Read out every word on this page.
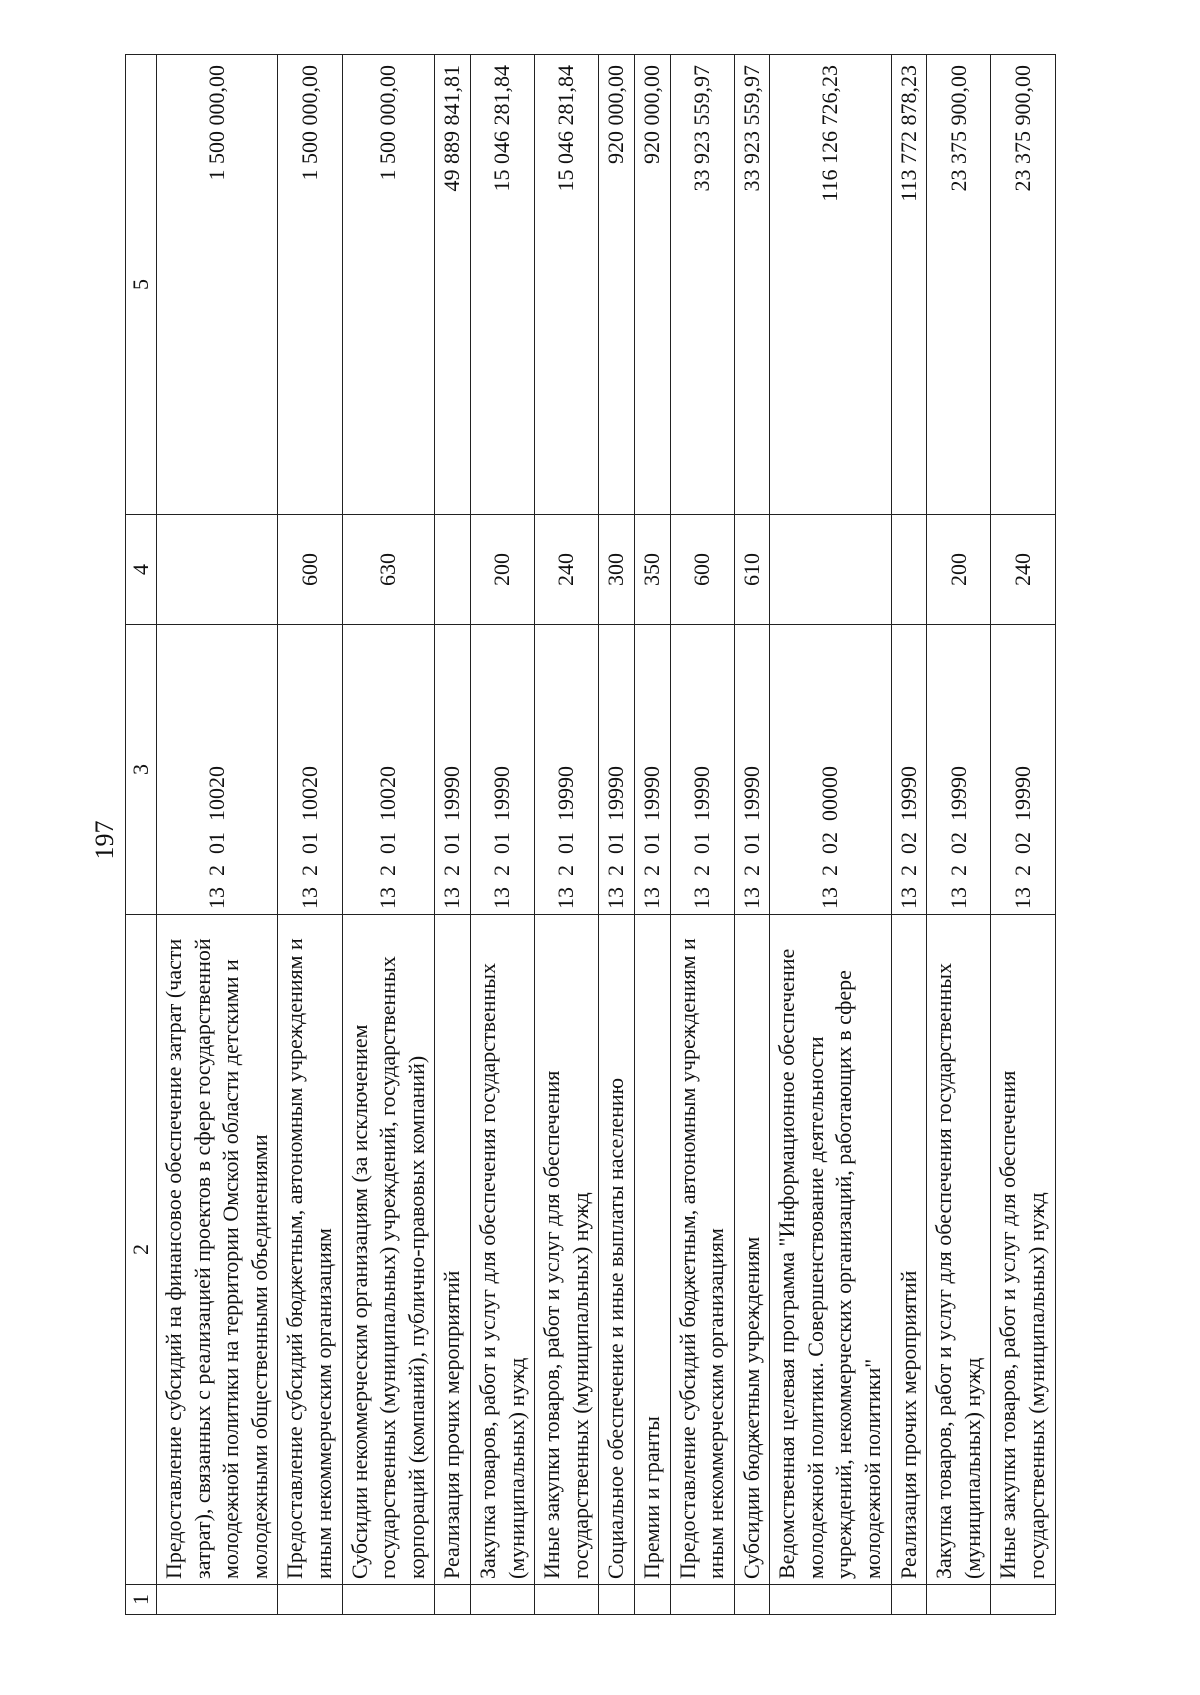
197
1	2	3	4	5
	Предоставление субсидий на финансовое обеспечение затрат (части затрат), связанных с реализацией проектов в сфере государственной молодежной политики на территории Омской области детскими и молодежными общественными объединениями	13  2  01  10020		1 500 000,00
	Предоставление субсидий бюджетным, автономным учреждениям и иным некоммерческим организациям	13  2  01  10020	600	1 500 000,00
	Субсидии некоммерческим организациям (за исключением государственных (муниципальных) учреждений, государственных корпораций (компаний), публично-правовых компаний)	13  2  01  10020	630	1 500 000,00
	Реализация прочих мероприятий	13  2  01  19990		49 889 841,81
	Закупка товаров, работ и услуг для обеспечения государственных (муниципальных) нужд	13  2  01  19990	200	15 046 281,84
	Иные закупки товаров, работ и услуг для обеспечения государственных (муниципальных) нужд	13  2  01  19990	240	15 046 281,84
	Социальное обеспечение и иные выплаты населению	13  2  01  19990	300	920 000,00
	Премии и гранты	13  2  01  19990	350	920 000,00
	Предоставление субсидий бюджетным, автономным учреждениям и иным некоммерческим организациям	13  2  01  19990	600	33 923 559,97
	Субсидии бюджетным учреждениям	13  2  01  19990	610	33 923 559,97
	Ведомственная целевая программа "Информационное обеспечение молодежной политики. Совершенствование деятельности учреждений, некоммерческих организаций, работающих в сфере молодежной политики"	13  2  02  00000		116 126 726,23
	Реализация прочих мероприятий	13  2  02  19990		113 772 878,23
	Закупка товаров, работ и услуг для обеспечения государственных (муниципальных) нужд	13  2  02  19990	200	23 375 900,00
	Иные закупки товаров, работ и услуг для обеспечения государственных (муниципальных) нужд	13  2  02  19990	240	23 375 900,00
